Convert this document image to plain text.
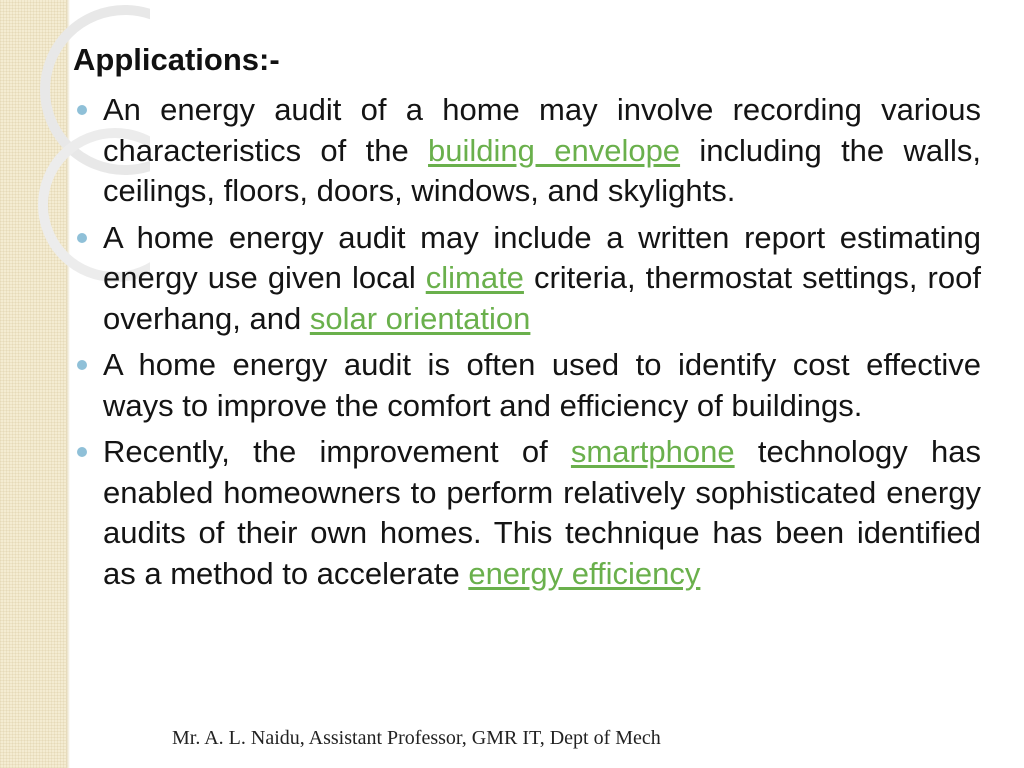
Applications:-
An energy audit of a home may involve recording various characteristics of the building envelope including the walls, ceilings, floors, doors, windows, and skylights.
A home energy audit may include a written report estimating energy use given local climate criteria, thermostat settings, roof overhang, and solar orientation
A home energy audit is often used to identify cost effective ways to improve the comfort and efficiency of buildings.
Recently, the improvement of smartphone technology has enabled homeowners to perform relatively sophisticated energy audits of their own homes. This technique has been identified as a method to accelerate energy efficiency
Mr. A. L. Naidu, Assistant Professor, GMR IT, Dept of Mech
